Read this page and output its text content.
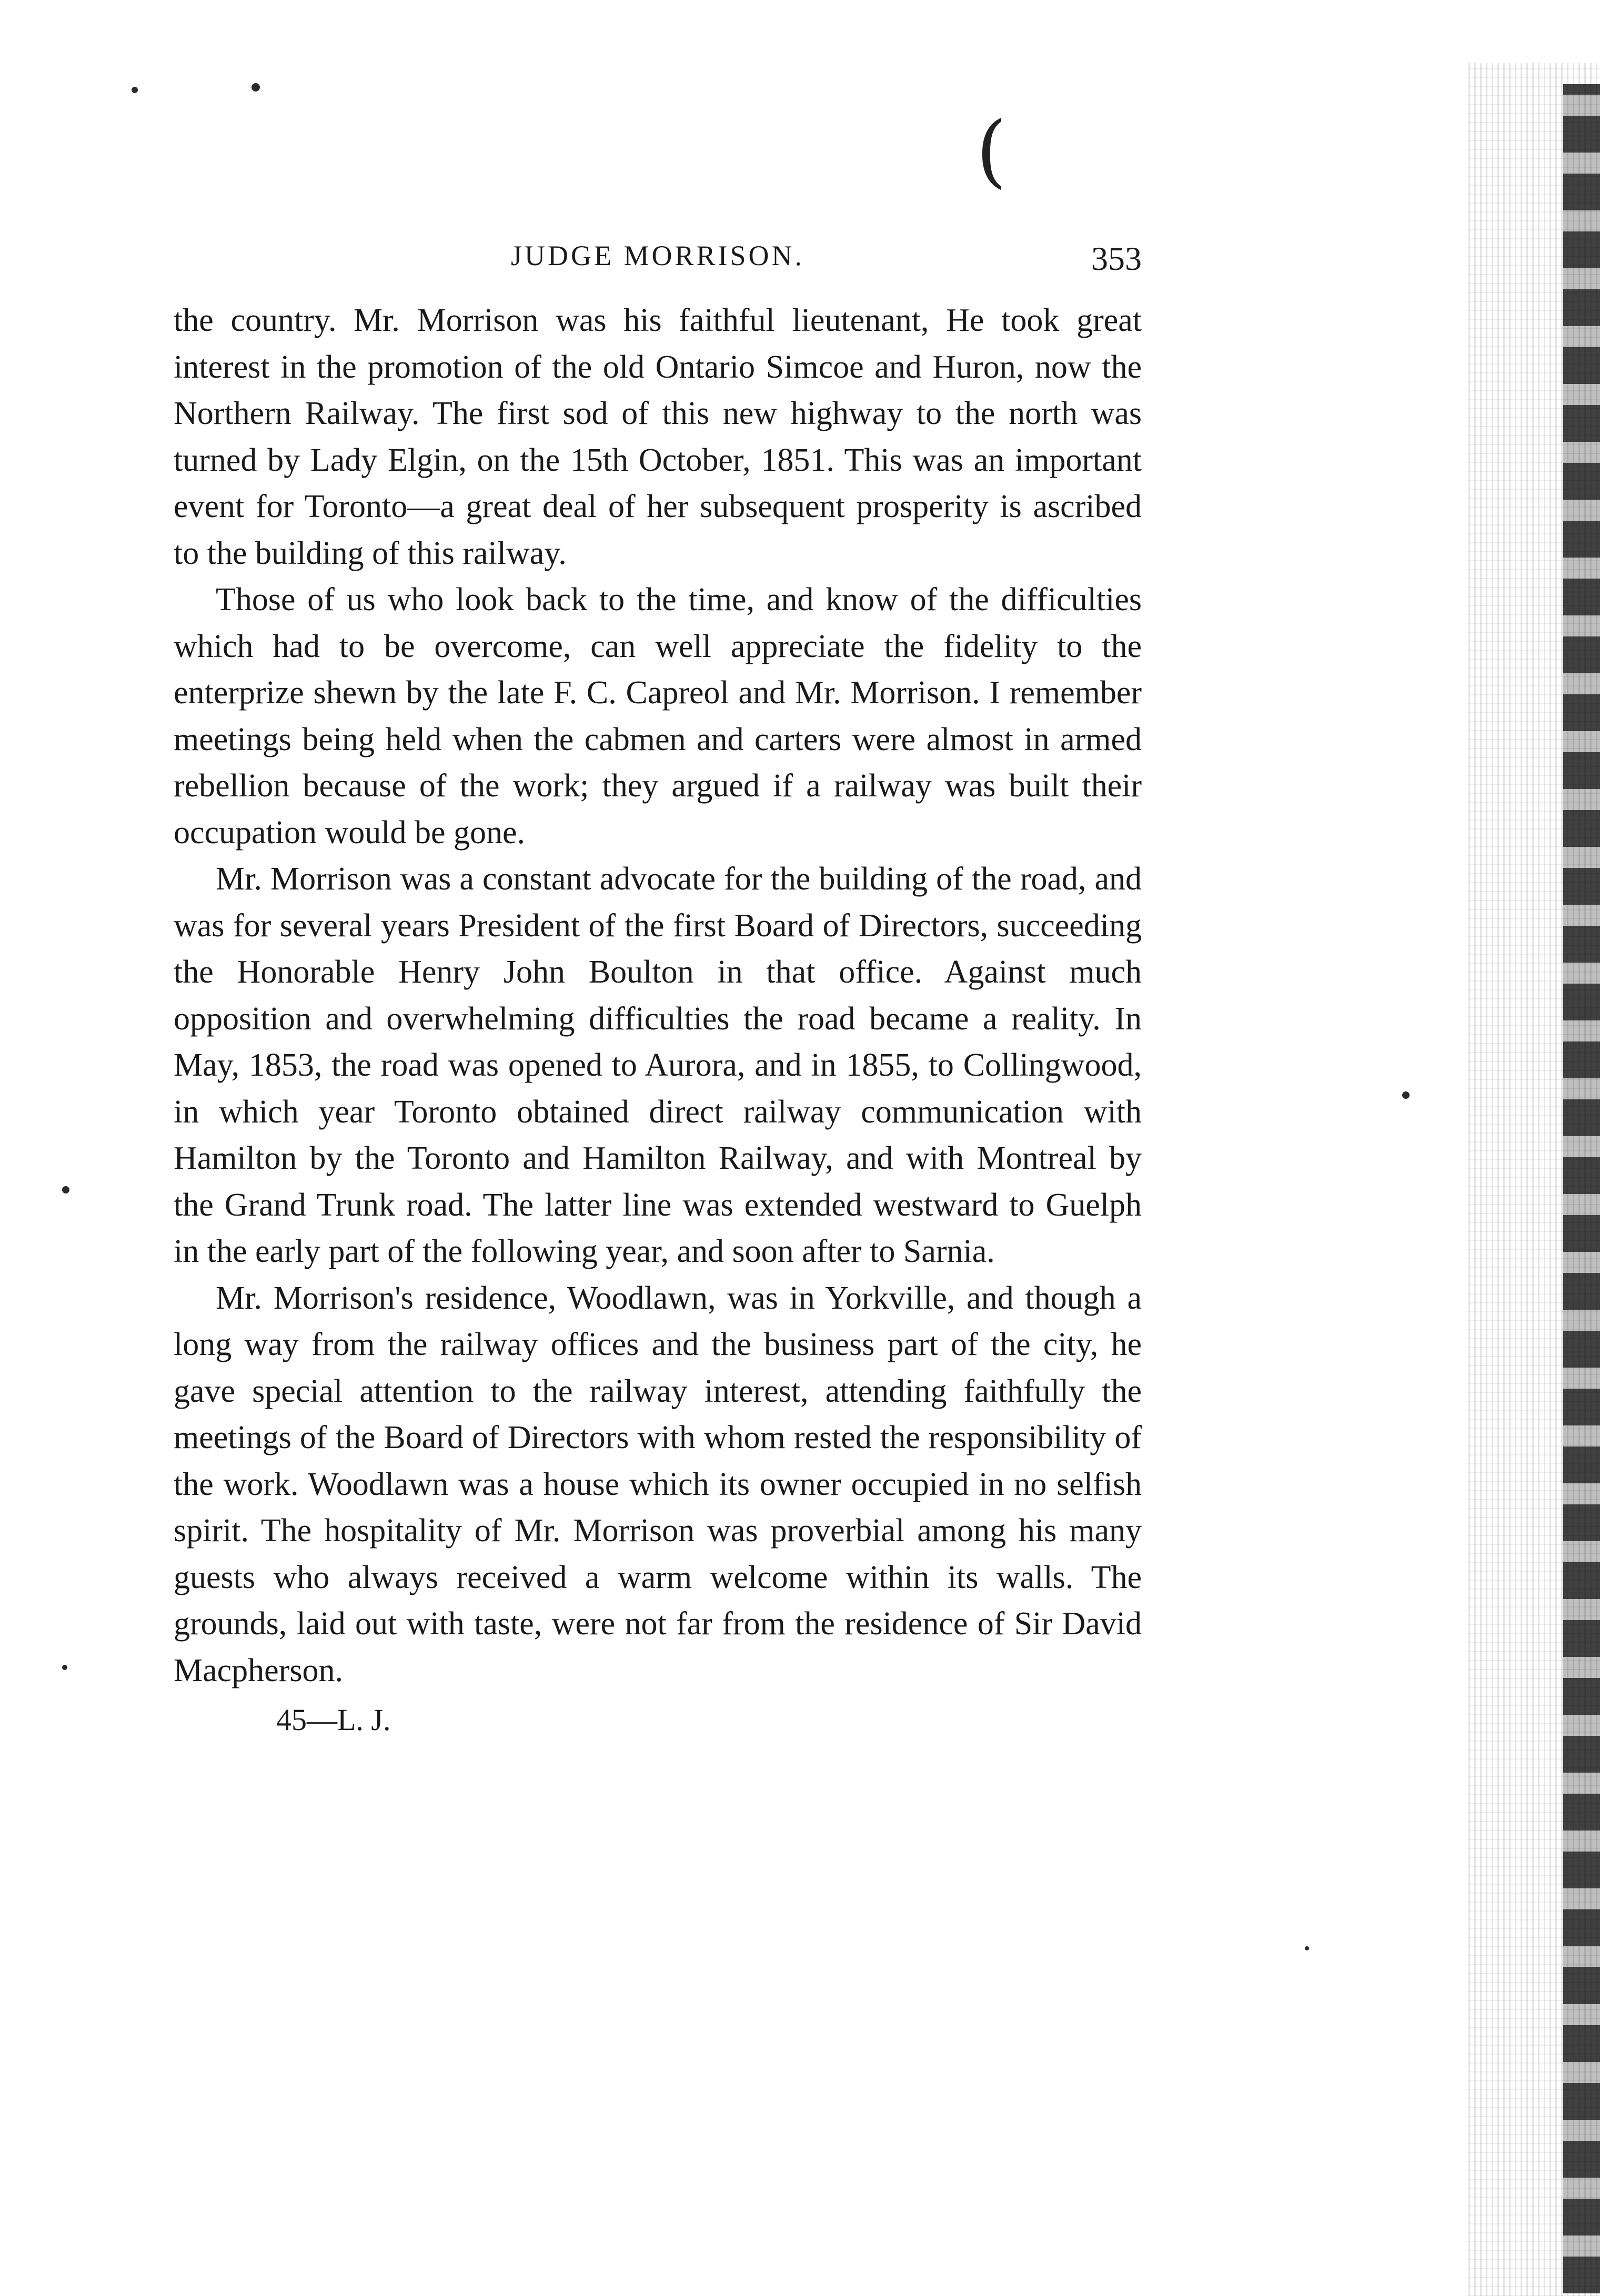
(
JUDGE MORRISON.	353

the country. Mr. Morrison was his faithful lieutenant, He took great interest in the promotion of the old Ontario Simcoe and Huron, now the Northern Railway. The first sod of this new highway to the north was turned by Lady Elgin, on the 15th October, 1851. This was an important event for Toronto—a great deal of her subsequent prosperity is ascribed to the building of this railway.

Those of us who look back to the time, and know of the difficulties which had to be overcome, can well appreciate the fidelity to the enterprize shewn by the late F. C. Capreol and Mr. Morrison. I remember meetings being held when the cabmen and carters were almost in armed rebellion because of the work; they argued if a railway was built their occupation would be gone.

Mr. Morrison was a constant advocate for the building of the road, and was for several years President of the first Board of Directors, succeeding the Honorable Henry John Boulton in that office. Against much opposition and overwhelming difficulties the road became a reality. In May, 1853, the road was opened to Aurora, and in 1855, to Collingwood, in which year Toronto obtained direct railway communication with Hamilton by the Toronto and Hamilton Railway, and with Montreal by the Grand Trunk road. The latter line was extended westward to Guelph in the early part of the following year, and soon after to Sarnia.

Mr. Morrison's residence, Woodlawn, was in Yorkville, and though a long way from the railway offices and the business part of the city, he gave special attention to the railway interest, attending faithfully the meetings of the Board of Directors with whom rested the responsibility of the work. Woodlawn was a house which its owner occupied in no selfish spirit. The hospitality of Mr. Morrison was proverbial among his many guests who always received a warm welcome within its walls. The grounds, laid out with taste, were not far from the residence of Sir David Macpherson.

45—L. J.
